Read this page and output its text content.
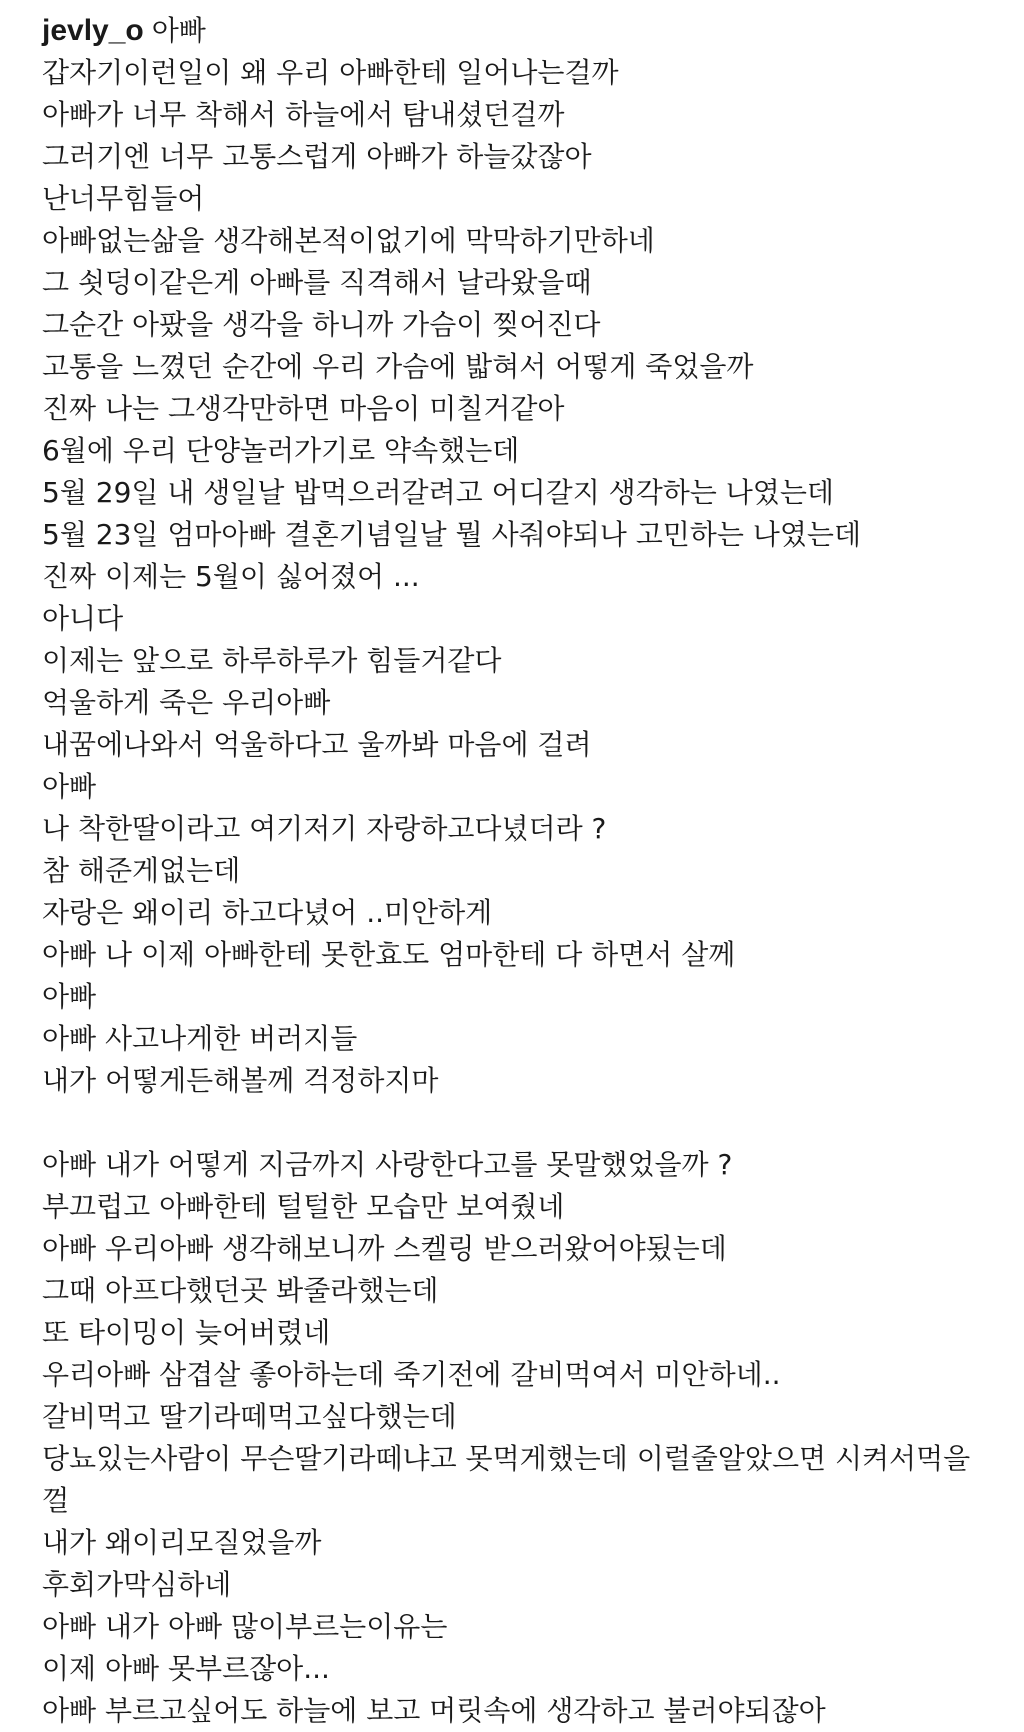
jevly_o 아빠
갑자기이런일이 왜 우리 아빠한테 일어나는걸까
아빠가 너무 착해서 하늘에서 탐내셨던걸까
그러기엔 너무 고통스럽게 아빠가 하늘갔잖아
난너무힘들어
아빠없는삶을 생각해본적이없기에 막막하기만하네
그 쇳덩이같은게 아빠를 직격해서 날라왔을때
그순간 아팠을 생각을 하니까 가슴이 찢어진다
고통을 느꼈던 순간에 우리 가슴에 밟혀서 어떻게 죽었을까
진짜 나는 그생각만하면 마음이 미칠거같아
6월에 우리 단양놀러가기로 약속했는데
5월 29일 내 생일날 밥먹으러갈려고 어디갈지 생각하는 나였는데
5월 23일 엄마아빠 결혼기념일날 뭘 사줘야되나 고민하는 나였는데
진짜 이제는 5월이 싫어졌어 ...
아니다
이제는 앞으로 하루하루가 힘들거같다
억울하게 죽은 우리아빠
내꿈에나와서 억울하다고 울까봐 마음에 걸려
아빠
나 착한딸이라고 여기저기 자랑하고다녔더라 ?
참 해준게없는데
자랑은 왜이리 하고다녔어 ..미안하게
아빠 나 이제 아빠한테 못한효도 엄마한테 다 하면서 살께
아빠
아빠 사고나게한 버러지들
내가 어떻게든해볼께 걱정하지마
아빠 내가 어떻게 지금까지 사랑한다고를 못말했었을까 ?
부끄럽고 아빠한테 털털한 모습만 보여줬네
아빠 우리아빠 생각해보니까 스켈링 받으러왔어야됬는데
그때 아프다했던곳 봐줄라했는데
또 타이밍이 늦어버렸네
우리아빠 삼겹살 좋아하는데 죽기전에 갈비먹여서 미안하네..
갈비먹고 딸기라떼먹고싶다했는데
당뇨있는사람이 무슨딸기라떼냐고 못먹게했는데 이럴줄알았으면 시켜서먹을껄
내가 왜이리모질었을까
후회가막심하네
아빠 내가 아빠 많이부르는이유는
이제 아빠 못부르잖아...
아빠 부르고싶어도 하늘에 보고 머릿속에 생각하고 불러야되잖아
